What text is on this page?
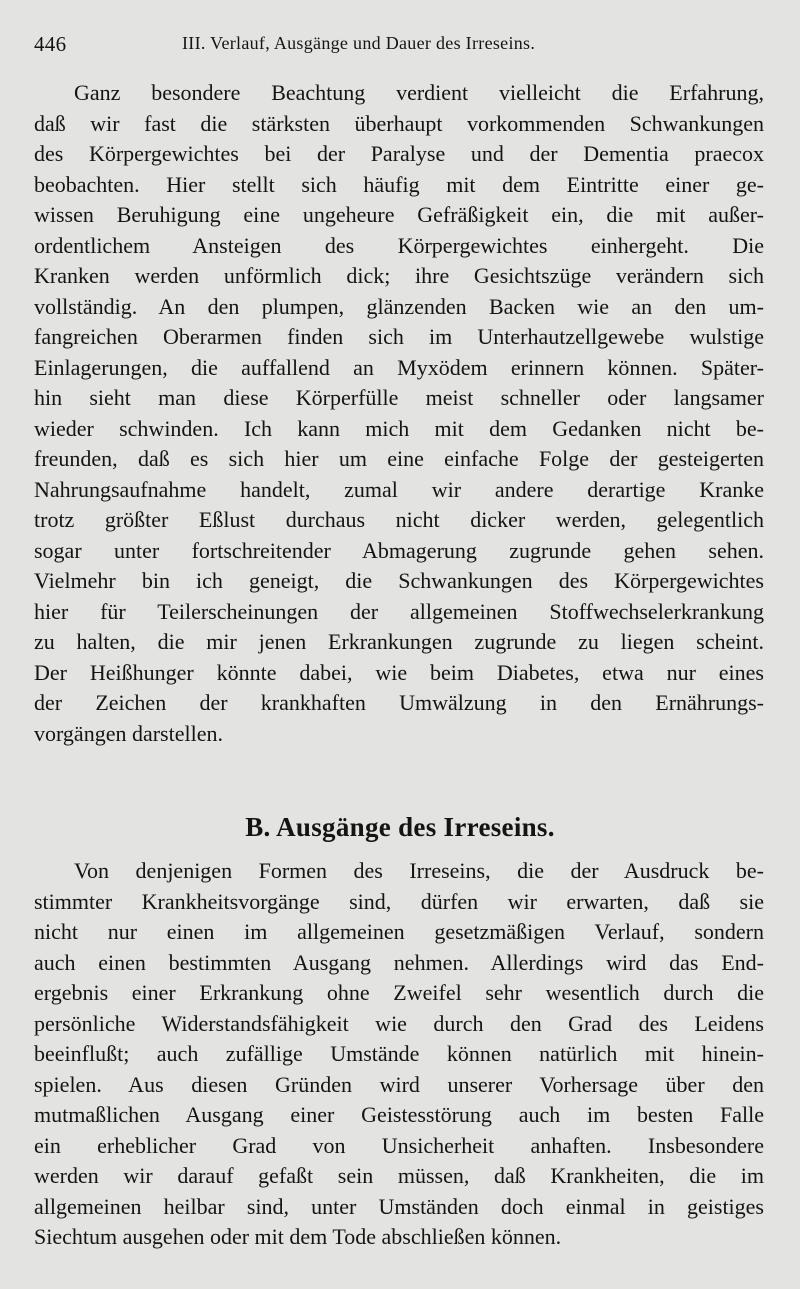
446	III. Verlauf, Ausgänge und Dauer des Irreseins.
Ganz besondere Beachtung verdient vielleicht die Erfahrung,
daß wir fast die stärksten überhaupt vorkommenden Schwankungen
des Körpergewichtes bei der Paralyse und der Dementia praecox
beobachten. Hier stellt sich häufig mit dem Eintritte einer ge-
wissen Beruhigung eine ungeheure Gefräßigkeit ein, die mit außer-
ordentlichem Ansteigen des Körpergewichtes einhergeht. Die
Kranken werden unförmlich dick; ihre Gesichtszüge verändern sich
vollständig. An den plumpen, glänzenden Backen wie an den um-
fangreichen Oberarmen finden sich im Unterhautzellgewebe wulstige
Einlagerungen, die auffallend an Myxödem erinnern können. Später-
hin sieht man diese Körperfülle meist schneller oder langsamer
wieder schwinden. Ich kann mich mit dem Gedanken nicht be-
freunden, daß es sich hier um eine einfache Folge der gesteigerten
Nahrungsaufnahme handelt, zumal wir andere derartige Kranke
trotz größter Eßlust durchaus nicht dicker werden, gelegentlich
sogar unter fortschreitender Abmagerung zugrunde gehen sehen.
Vielmehr bin ich geneigt, die Schwankungen des Körpergewichtes
hier für Teilerscheinungen der allgemeinen Stoffwechselerkrankung
zu halten, die mir jenen Erkrankungen zugrunde zu liegen scheint.
Der Heißhunger könnte dabei, wie beim Diabetes, etwa nur eines
der Zeichen der krankhaften Umwälzung in den Ernährungs-
vorgängen darstellen.
B. Ausgänge des Irreseins.
Von denjenigen Formen des Irreseins, die der Ausdruck be-
stimmter Krankheitsvorgänge sind, dürfen wir erwarten, daß sie
nicht nur einen im allgemeinen gesetzmäßigen Verlauf, sondern
auch einen bestimmten Ausgang nehmen. Allerdings wird das End-
ergebnis einer Erkrankung ohne Zweifel sehr wesentlich durch die
persönliche Widerstandsfähigkeit wie durch den Grad des Leidens
beeinflußt; auch zufällige Umstände können natürlich mit hinein-
spielen. Aus diesen Gründen wird unserer Vorhersage über den
mutmaßlichen Ausgang einer Geistesstörung auch im besten Falle
ein erheblicher Grad von Unsicherheit anhaften. Insbesondere
werden wir darauf gefaßt sein müssen, daß Krankheiten, die im
allgemeinen heilbar sind, unter Umständen doch einmal in geistiges
Siechtum ausgehen oder mit dem Tode abschließen können.
